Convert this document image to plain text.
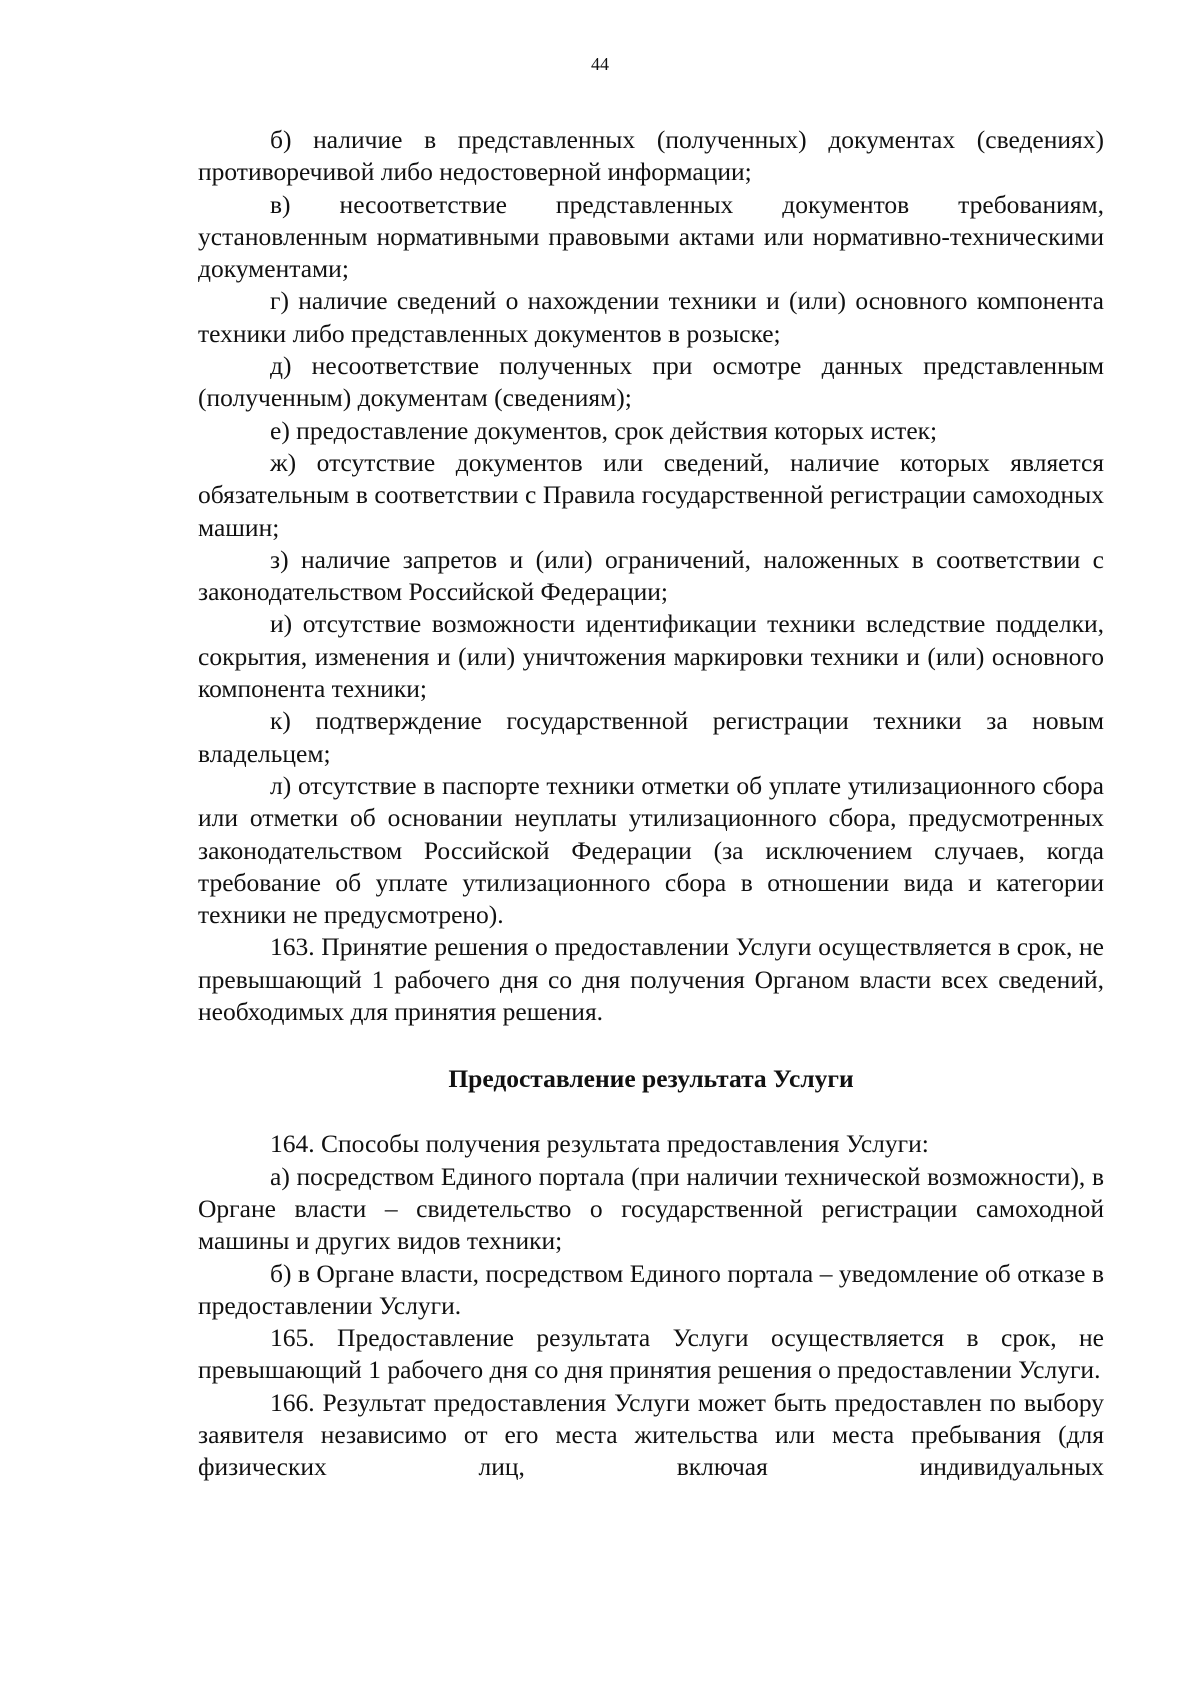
44

б) наличие в представленных (полученных) документах (сведениях) противоречивой либо недостоверной информации;

в) несоответствие представленных документов требованиям, установленным нормативными правовыми актами или нормативно-техническими документами;

г) наличие сведений о нахождении техники и (или) основного компонента техники либо представленных документов в розыске;

д) несоответствие полученных при осмотре данных представленным (полученным) документам (сведениям);

е) предоставление документов, срок действия которых истек;

ж) отсутствие документов или сведений, наличие которых является обязательным в соответствии с Правила государственной регистрации самоходных машин;

з) наличие запретов и (или) ограничений, наложенных в соответствии с законодательством Российской Федерации;

и) отсутствие возможности идентификации техники вследствие подделки, сокрытия, изменения и (или) уничтожения маркировки техники и (или) основного компонента техники;

к) подтверждение государственной регистрации техники за новым владельцем;

л) отсутствие в паспорте техники отметки об уплате утилизационного сбора или отметки об основании неуплаты утилизационного сбора, предусмотренных законодательством Российской Федерации (за исключением случаев, когда требование об уплате утилизационного сбора в отношении вида и категории техники не предусмотрено).

163. Принятие решения о предоставлении Услуги осуществляется в срок, не превышающий 1 рабочего дня со дня получения Органом власти всех сведений, необходимых для принятия решения.

Предоставление результата Услуги

164. Способы получения результата предоставления Услуги:

а) посредством Единого портала (при наличии технической возможности), в Органе власти – свидетельство о государственной регистрации самоходной машины и других видов техники;

б) в Органе власти, посредством Единого портала – уведомление об отказе в предоставлении Услуги.

165. Предоставление результата Услуги осуществляется в срок, не превышающий 1 рабочего дня со дня принятия решения о предоставлении Услуги.

166. Результат предоставления Услуги может быть предоставлен по выбору заявителя независимо от его места жительства или места пребывания (для физических лиц, включая индивидуальных
